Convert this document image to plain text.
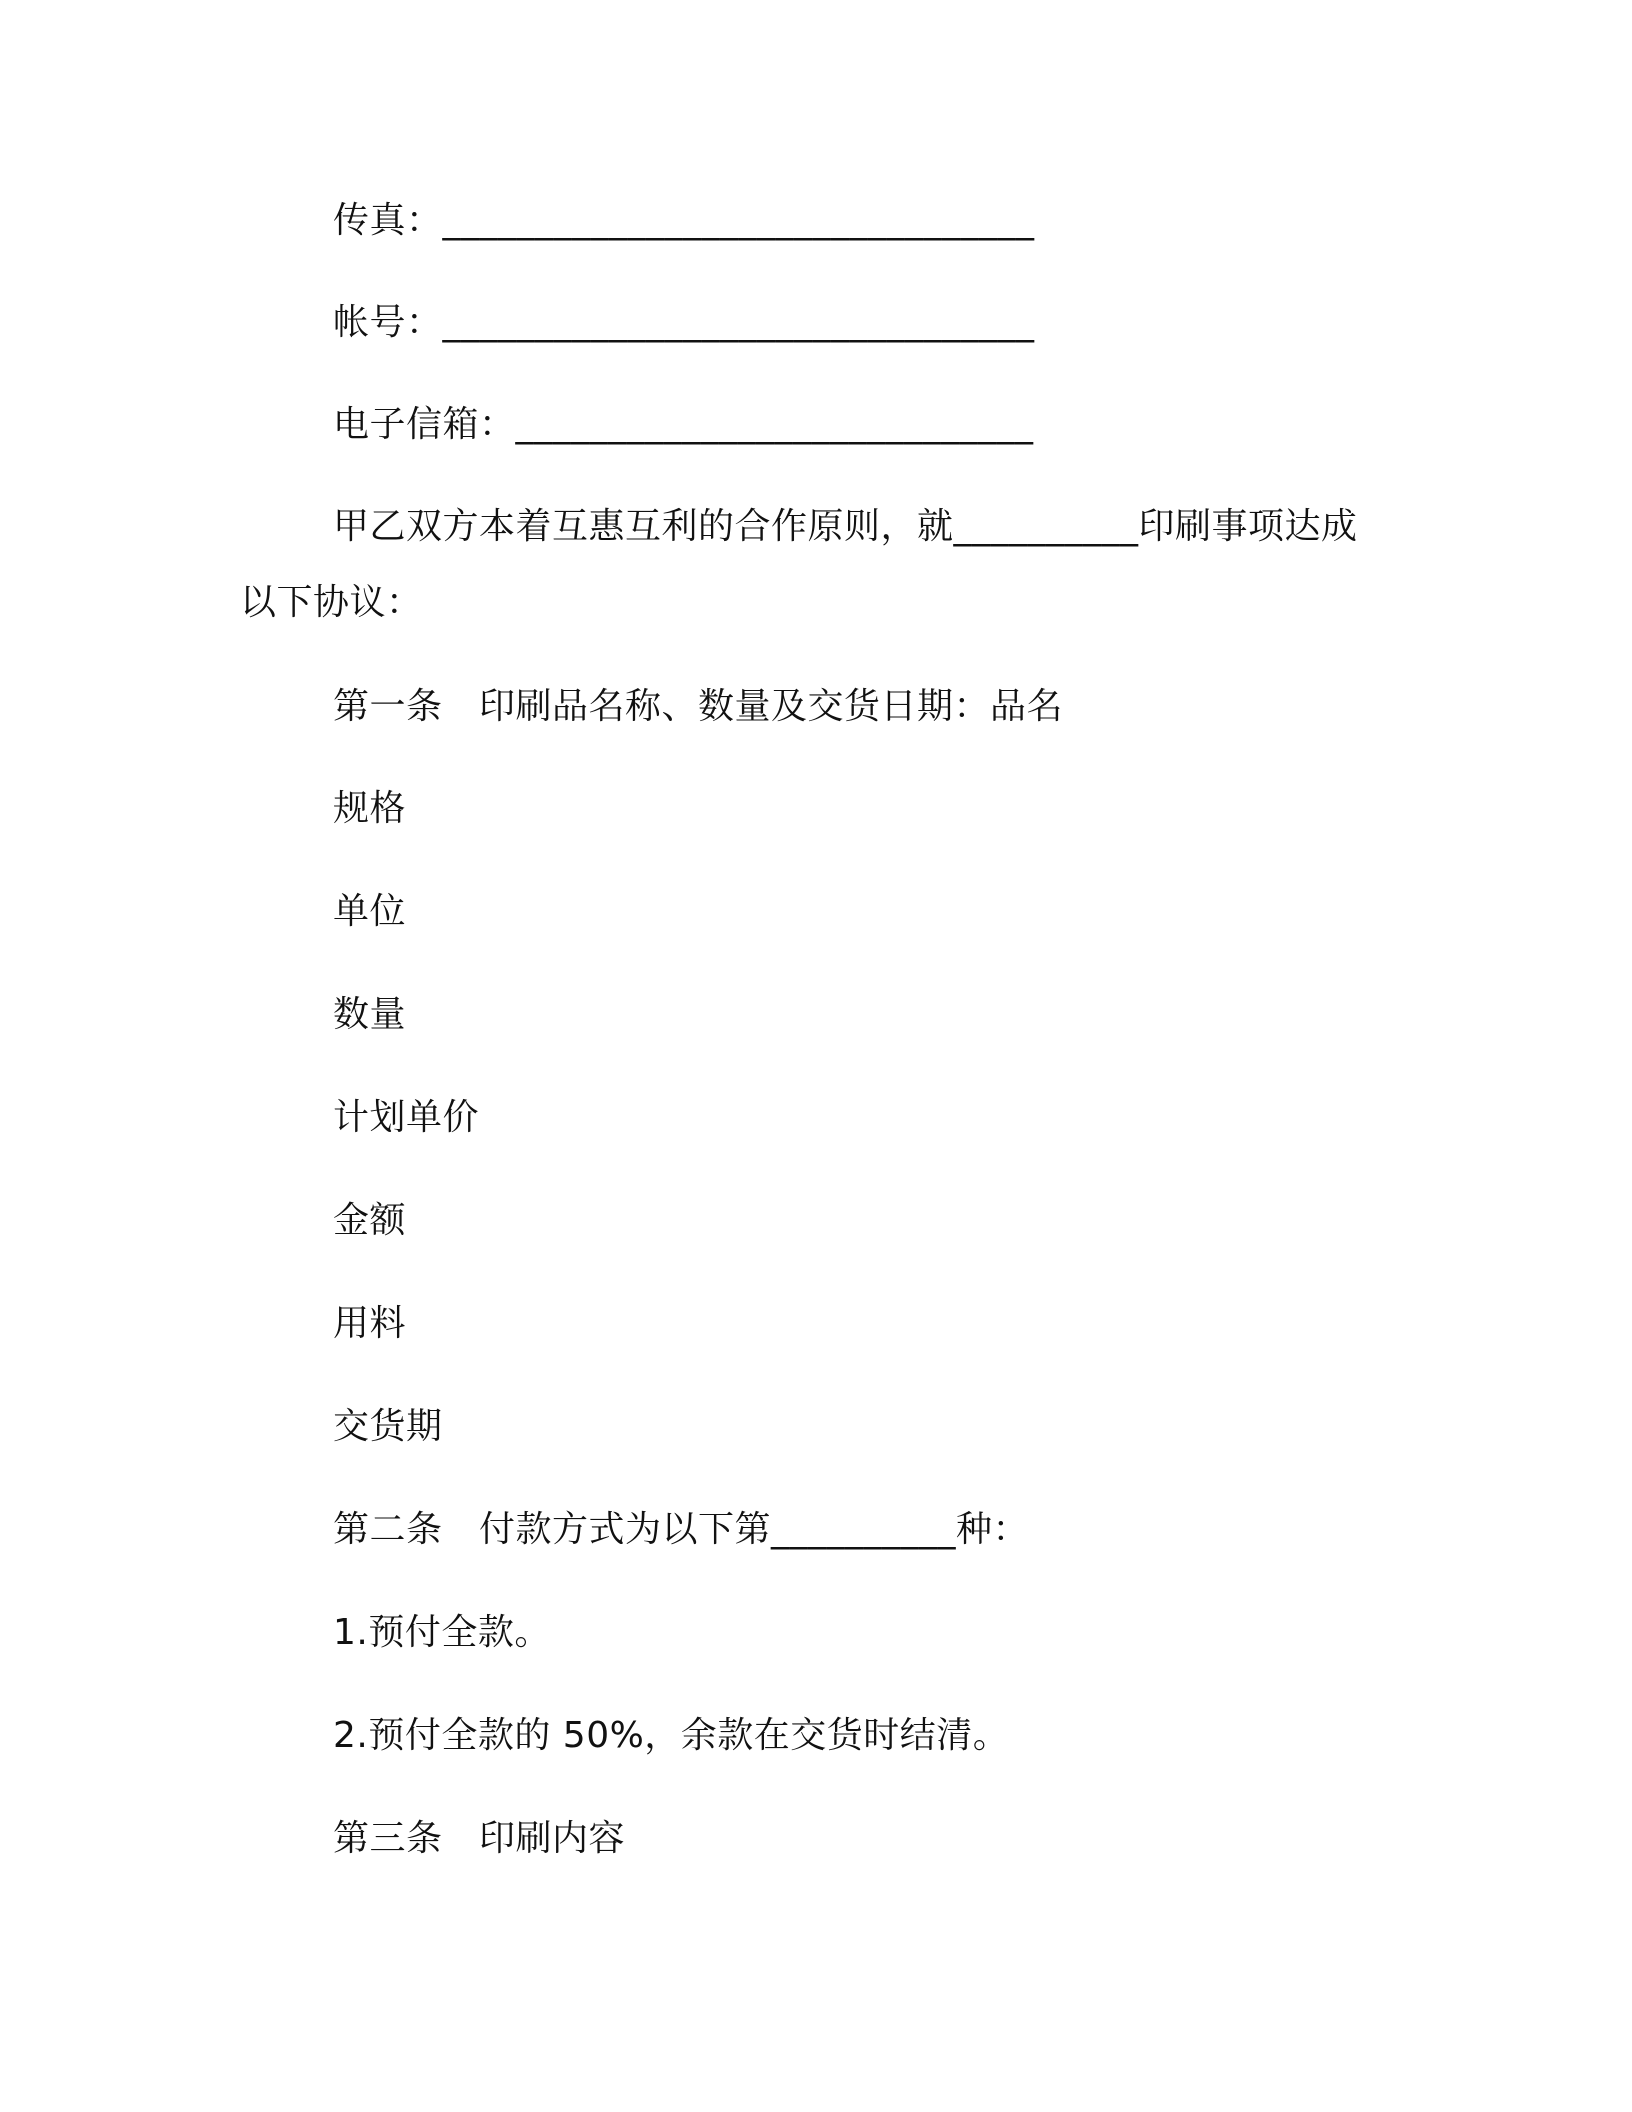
传真：________________________________
帐号：________________________________
电子信箱：____________________________
甲乙双方本着互惠互利的合作原则，就__________印刷事项达成
以下协议：
第一条　印刷品名称、数量及交货日期：品名
规格
单位
数量
计划单价
金额
用料
交货期
第二条　付款方式为以下第__________种：
1.预付全款。
2.预付全款的 50%，余款在交货时结清。
第三条　印刷内容
